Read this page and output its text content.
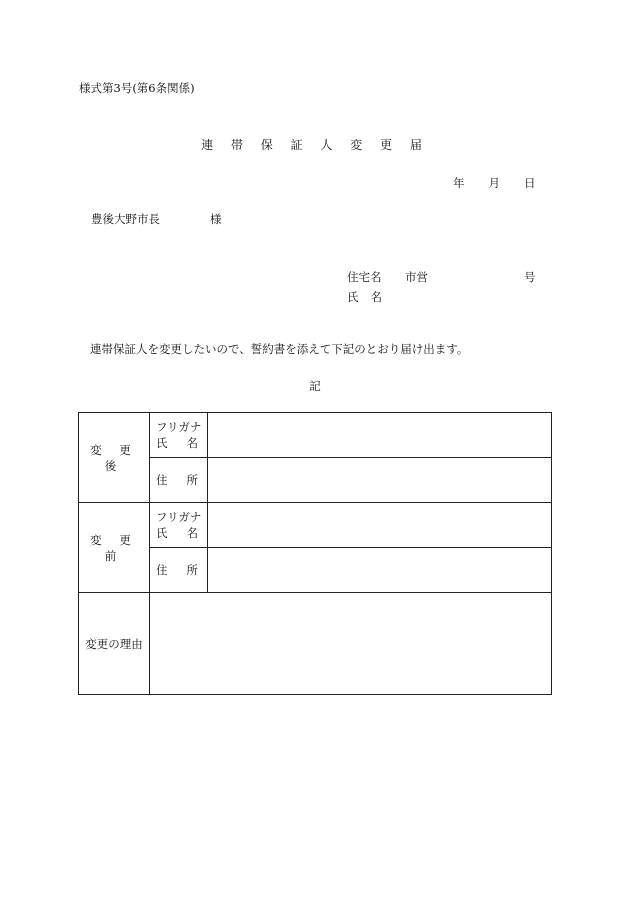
様式第3号(第6条関係)
連 帯 保 証 人 変 更 届
年 月 日
豊後大野市長	様
住宅名 市営	号
氏 名
連帯保証人を変更したいので、誓約書を添えて下記のとおり届け出ます。
記
変 更 後	フリガナ
氏 名	

	住 所	

変 更 前	フリガナ
氏 名	

	住 所	

変更の理由		
